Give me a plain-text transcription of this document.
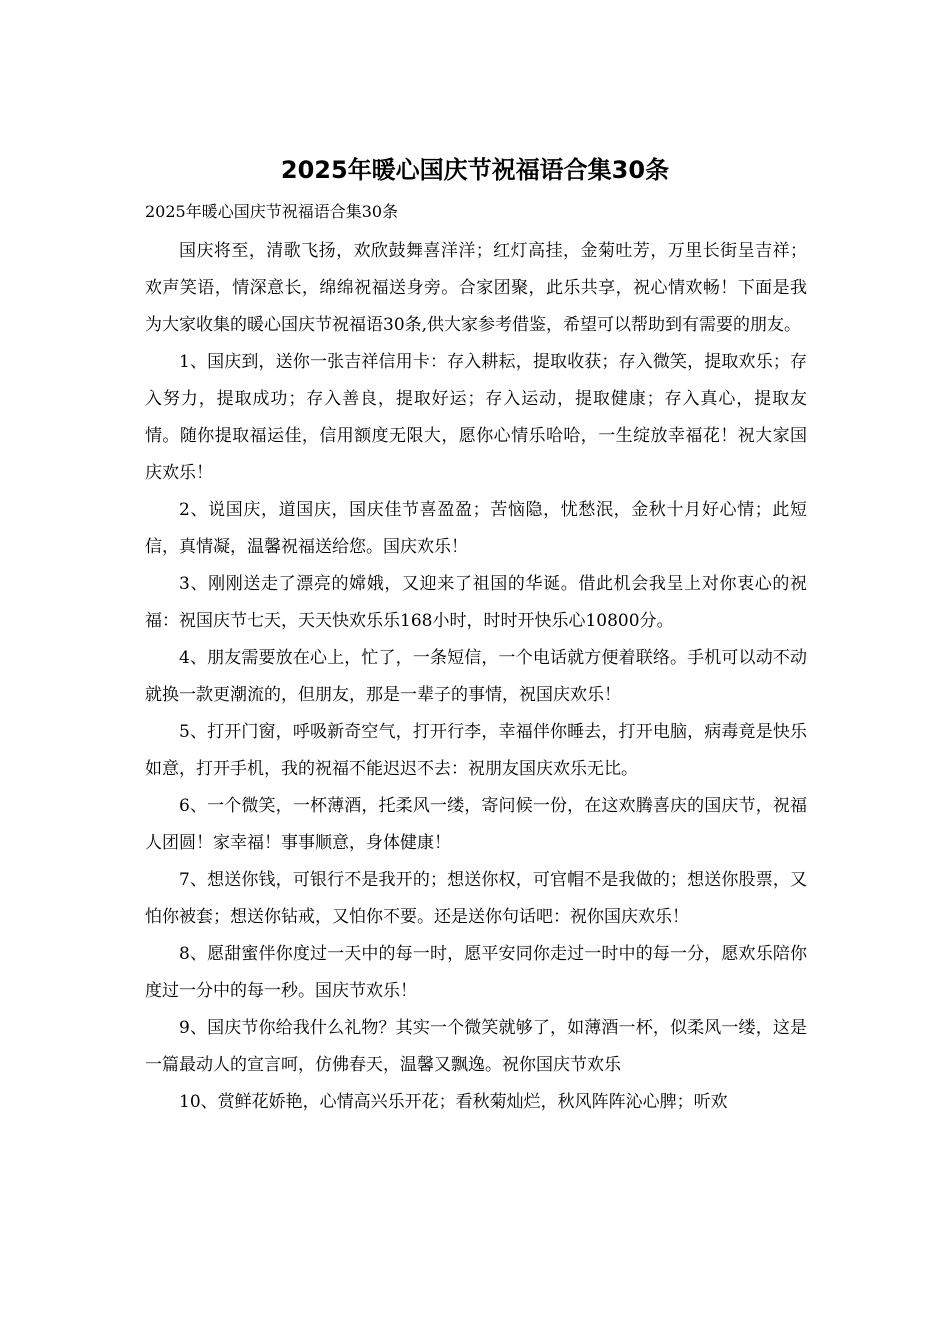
2025年暖心国庆节祝福语合集30条

2025年暖心国庆节祝福语合集30条

国庆将至，清歌飞扬，欢欣鼓舞喜洋洋；红灯高挂，金菊吐芳，万里长街呈吉祥；欢声笑语，情深意长，绵绵祝福送身旁。合家团聚，此乐共享，祝心情欢畅！下面是我为大家收集的暖心国庆节祝福语30条,供大家参考借鉴，希望可以帮助到有需要的朋友。

1、国庆到，送你一张吉祥信用卡：存入耕耘，提取收获；存入微笑，提取欢乐；存入努力，提取成功；存入善良，提取好运；存入运动，提取健康；存入真心，提取友情。随你提取福运佳，信用额度无限大，愿你心情乐哈哈，一生绽放幸福花！祝大家国庆欢乐！

2、说国庆，道国庆，国庆佳节喜盈盈；苦恼隐，忧愁泯，金秋十月好心情；此短信，真情凝，温馨祝福送给您。国庆欢乐！

3、刚刚送走了漂亮的嫦娥，又迎来了祖国的华诞。借此机会我呈上对你衷心的祝福：祝国庆节七天，天天快欢乐乐168小时，时时开快乐心10800分。

4、朋友需要放在心上，忙了，一条短信，一个电话就方便着联络。手机可以动不动就换一款更潮流的，但朋友，那是一辈子的事情，祝国庆欢乐！

5、打开门窗，呼吸新奇空气，打开行李，幸福伴你睡去，打开电脑，病毒竟是快乐如意，打开手机，我的祝福不能迟迟不去：祝朋友国庆欢乐无比。

6、一个微笑，一杯薄酒，托柔风一缕，寄问候一份，在这欢腾喜庆的国庆节，祝福人团圆！家幸福！事事顺意，身体健康！

7、想送你钱，可银行不是我开的；想送你权，可官帽不是我做的；想送你股票，又怕你被套；想送你钻戒，又怕你不要。还是送你句话吧：祝你国庆欢乐！

8、愿甜蜜伴你度过一天中的每一时，愿平安同你走过一时中的每一分，愿欢乐陪你度过一分中的每一秒。国庆节欢乐！

9、国庆节你给我什么礼物？其实一个微笑就够了，如薄酒一杯，似柔风一缕，这是一篇最动人的宣言呵，仿佛春天，温馨又飘逸。祝你国庆节欢乐

10、赏鲜花娇艳，心情高兴乐开花；看秋菊灿烂，秋风阵阵沁心脾；听欢
